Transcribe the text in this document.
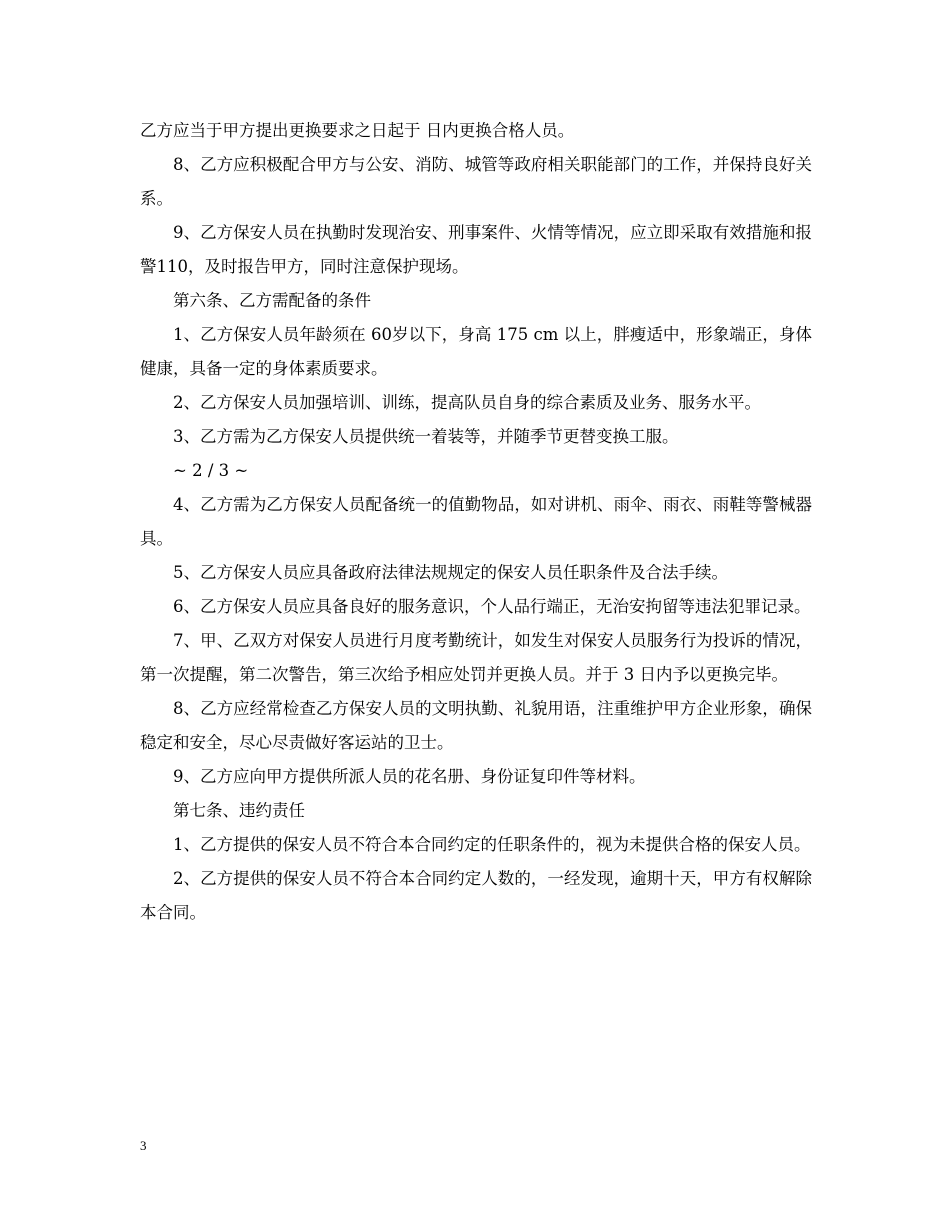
乙方应当于甲方提出更换要求之日起于 日内更换合格人员。

8、乙方应积极配合甲方与公安、消防、城管等政府相关职能部门的工作，并保持良好关系。

9、乙方保安人员在执勤时发现治安、刑事案件、火情等情况，应立即采取有效措施和报警110，及时报告甲方，同时注意保护现场。

第六条、乙方需配备的条件

1、乙方保安人员年龄须在 60岁以下，身高 175 cm 以上，胖瘦适中，形象端正，身体健康，具备一定的身体素质要求。

2、乙方保安人员加强培训、训练，提高队员自身的综合素质及业务、服务水平。

3、乙方需为乙方保安人员提供统一着装等，并随季节更替变换工服。

~ 2 / 3 ~

4、乙方需为乙方保安人员配备统一的值勤物品，如对讲机、雨伞、雨衣、雨鞋等警械器具。

5、乙方保安人员应具备政府法律法规规定的保安人员任职条件及合法手续。

6、乙方保安人员应具备良好的服务意识，个人品行端正，无治安拘留等违法犯罪记录。

7、甲、乙双方对保安人员进行月度考勤统计，如发生对保安人员服务行为投诉的情况，第一次提醒，第二次警告，第三次给予相应处罚并更换人员。并于 3 日内予以更换完毕。

8、乙方应经常检查乙方保安人员的文明执勤、礼貌用语，注重维护甲方企业形象，确保稳定和安全，尽心尽责做好客运站的卫士。

9、乙方应向甲方提供所派人员的花名册、身份证复印件等材料。

第七条、违约责任

1、乙方提供的保安人员不符合本合同约定的任职条件的，视为未提供合格的保安人员。

2、乙方提供的保安人员不符合本合同约定人数的，一经发现，逾期十天，甲方有权解除本合同。

3
